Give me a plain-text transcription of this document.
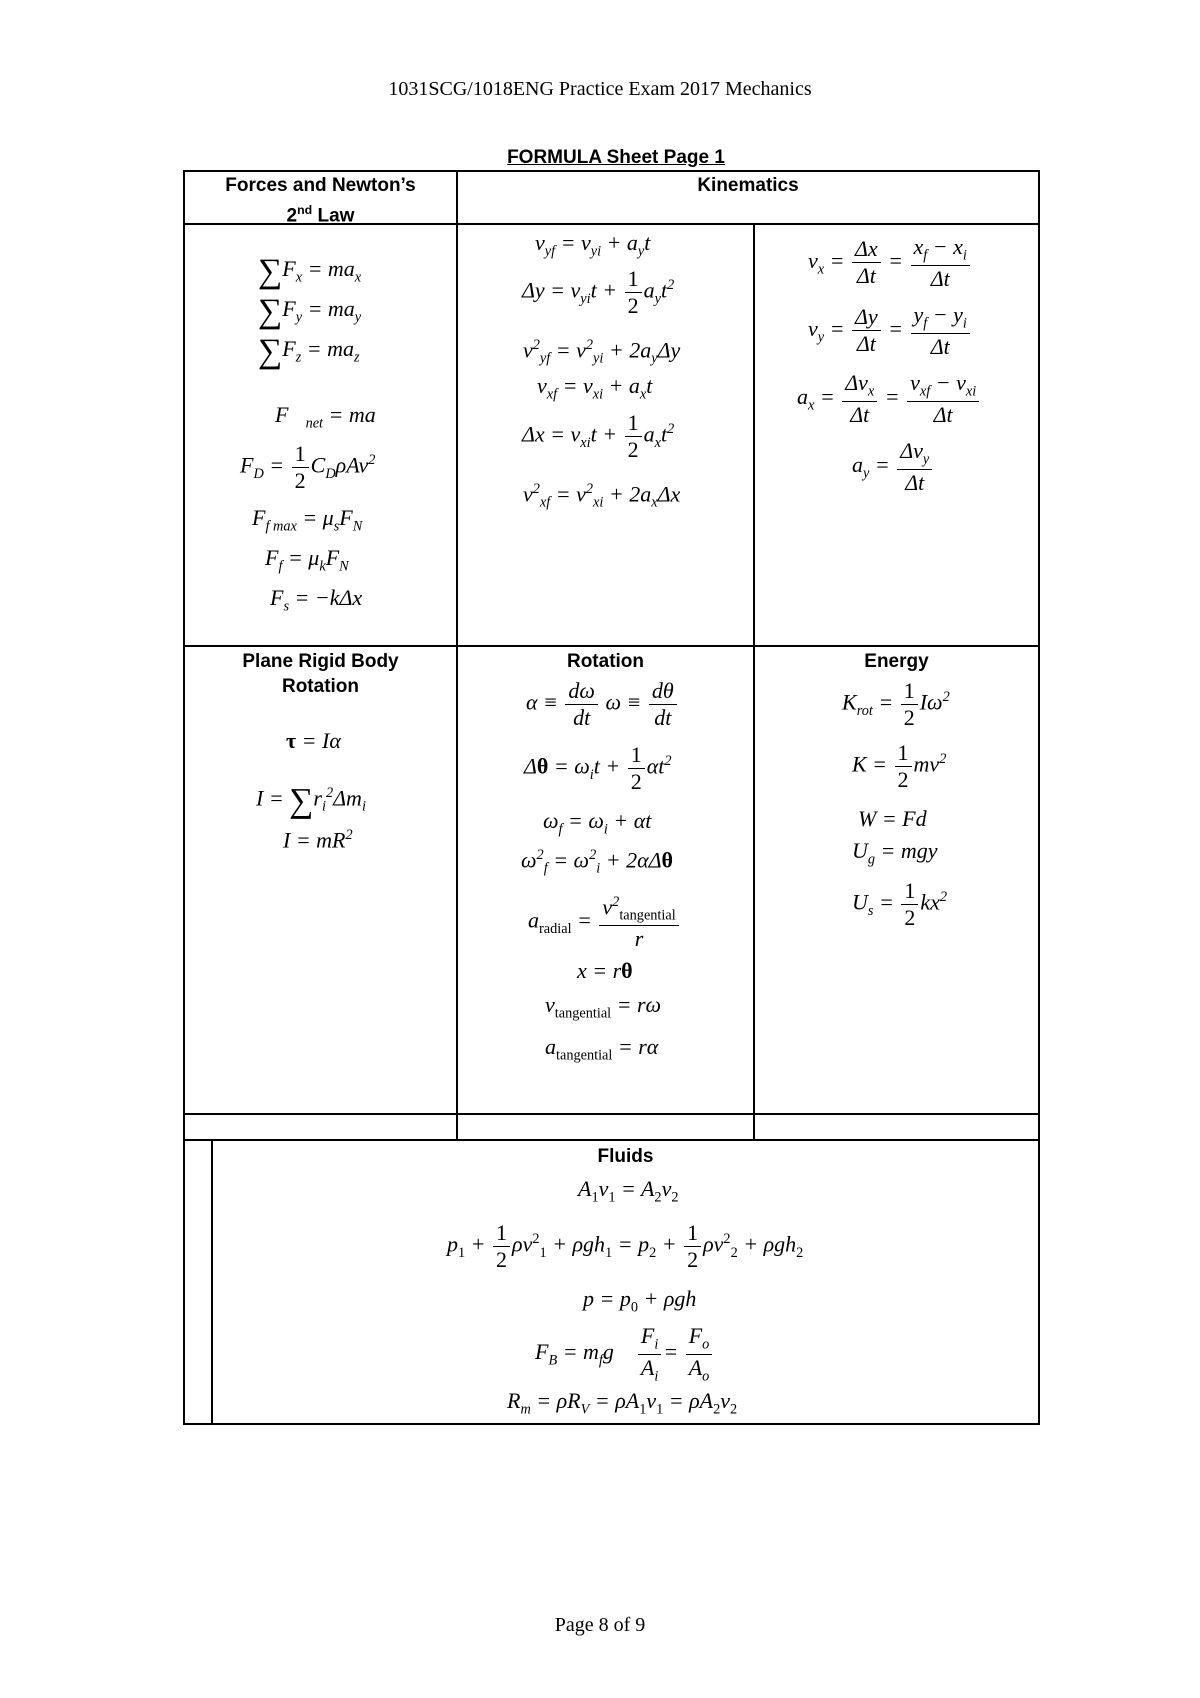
1031SCG/1018ENG Practice Exam 2017 Mechanics
FORMULA Sheet Page 1
Forces and Newton’s
2nd Law
Kinematics
$\sum F_x = ma_x$
$\sum F_y = ma_y$
$\sum F_z = ma_z$
$F⃗_{net}$ = ma⃗
$F_D = \frac{1}{2} C_D\rho Av^2$
$F_{f max} = \mu_sF_N$
$F_f = \mu_kF_N$
$F_s = -k\Delta x$
$v_{yf} = v_{yi} + a_yt$
$\Delta y = v_{yi}t + \frac{1}{2} a_yt^2$
$v^2_{yf} = v^2_{yi} + 2a_y\Delta y$
$v_{xf} = v_{xi} + a_xt$
$\Delta x = v_{xi}t + \frac{1}{2} a_xt^2$
$v^2_{xf} = v^2_{xi} + 2a_x\Delta x$
$v_x = \frac{\Delta x}{\Delta t} = \frac{x_f - x_i}{\Delta t}$
$v_y = \frac{\Delta y}{\Delta t} = \frac{y_f - y_i}{\Delta t}$
$a_x = \frac{\Delta v_x}{\Delta t} = \frac{v_{xf} - v_{xi}}{\Delta t}$
$a_y = \frac{\Delta v_y}{\Delta t}$
Plane Rigid Body
Rotation
Rotation	Energy
τ = Iα
$I = \sum r_i^2\Delta m_i$
$I = mR^2$
$\alpha \equiv \frac{d\omega}{dt}$ $\omega \equiv \frac{d\theta}{dt}$
$\Delta\theta = \omega_it + \frac{1}{2} \alpha t^2$
$\omega_f = \omega_i + \alpha t$
$\omega^2_f = \omega^2_i + 2\alpha\Delta\theta$
$a_{radial} = \frac{v^2_{tangential}}{r}$
x = rθ
$v_{tangential} = r\omega$
$a_{tangential} = r\alpha$
$K_{rot} = \frac{1}{2} I\omega^2$
$K = \frac{1}{2} mv^2$
W = Fd
$U_g$ = mgy
$U_s = \frac{1}{2} kx^2$
Fluids
$A_1v_1 = A_2v_2$
$p_1 + \frac{1}{2} \rho v^2_1 + \rho gh_1 = p_2 + \frac{1}{2} \rho v^2_2 + \rho gh_2$
$p = p_0 + \rho gh$
$F_B = m_fg \frac{F_i}{A_i} = \frac{F_o}{A_o}$
$R_m = \rho R_V = \rho A_1v_1 = \rho A_2v_2$
Page 8 of 9
